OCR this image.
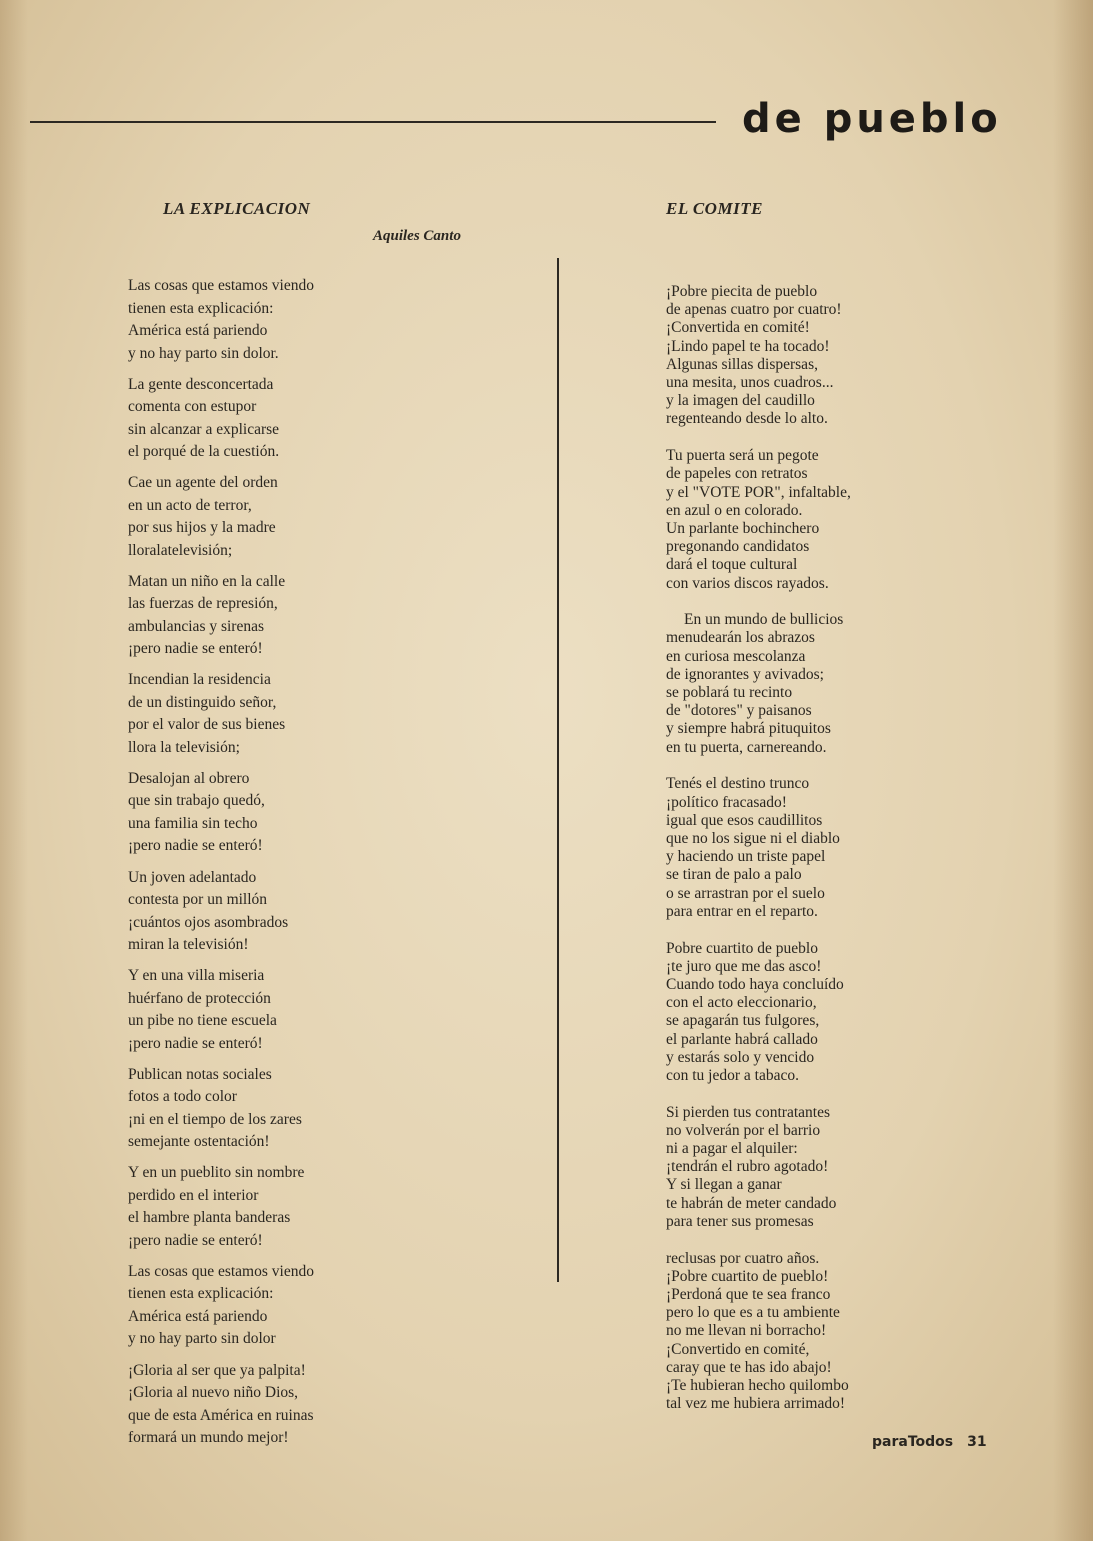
de pueblo
LA EXPLICACION
Aquiles Canto
EL COMITE
Las cosas que estamos viendo
tienen esta explicación:
América está pariendo
y no hay parto sin dolor.
La gente desconcertada
comenta con estupor
sin alcanzar a explicarse
el porqué de la cuestión.
Cae un agente del orden
en un acto de terror,
por sus hijos y la madre
lloralatelevisión;
Matan un niño en la calle
las fuerzas de represión,
ambulancias y sirenas
¡pero nadie se enteró!
Incendian la residencia
de un distinguido señor,
por el valor de sus bienes
llora la televisión;
Desalojan al obrero
que sin trabajo quedó,
una familia sin techo
¡pero nadie se enteró!
Un joven adelantado
contesta por un millón
¡cuántos ojos asombrados
miran la televisión!
Y en una villa miseria
huérfano de protección
un pibe no tiene escuela
¡pero nadie se enteró!
Publican notas sociales
fotos a todo color
¡ni en el tiempo de los zares
semejante ostentación!
Y en un pueblito sin nombre
perdido en el interior
el hambre planta banderas
¡pero nadie se enteró!
Las cosas que estamos viendo
tienen esta explicación:
América está pariendo
y no hay parto sin dolor
¡Gloria al ser que ya palpita!
¡Gloria al nuevo niño Dios,
que de esta América en ruinas
formará un mundo mejor!
¡Pobre piecita de pueblo
de apenas cuatro por cuatro!
¡Convertida en comité!
¡Lindo papel te ha tocado!
Algunas sillas dispersas,
una mesita, unos cuadros...
y la imagen del caudillo
regenteando desde lo alto.
Tu puerta será un pegote
de papeles con retratos
y el "VOTE POR", infaltable,
en azul o en colorado.
Un parlante bochinchero
pregonando candidatos
dará el toque cultural
con varios discos rayados.
En un mundo de bullicios
menudearán los abrazos
en curiosa mescolanza
de ignorantes y avivados;
se poblará tu recinto
de "dotores" y paisanos
y siempre habrá pituquitos
en tu puerta, carnereando.
Tenés el destino trunco
¡político fracasado!
igual que esos caudillitos
que no los sigue ni el diablo
y haciendo un triste papel
se tiran de palo a palo
o se arrastran por el suelo
para entrar en el reparto.
Pobre cuartito de pueblo
¡te juro que me das asco!
Cuando todo haya concluído
con el acto eleccionario,
se apagarán tus fulgores,
el parlante habrá callado
y estarás solo y vencido
con tu jedor a tabaco.
Si pierden tus contratantes
no volverán por el barrio
ni a pagar el alquiler:
¡tendrán el rubro agotado!
Y si llegan a ganar
te habrán de meter candado
para tener sus promesas
reclusas por cuatro años.
¡Pobre cuartito de pueblo!
¡Perdoná que te sea franco
pero lo que es a tu ambiente
no me llevan ni borracho!
¡Convertido en comité,
caray que te has ido abajo!
¡Te hubieran hecho quilombo
tal vez me hubiera arrimado!
paraTodos 31
